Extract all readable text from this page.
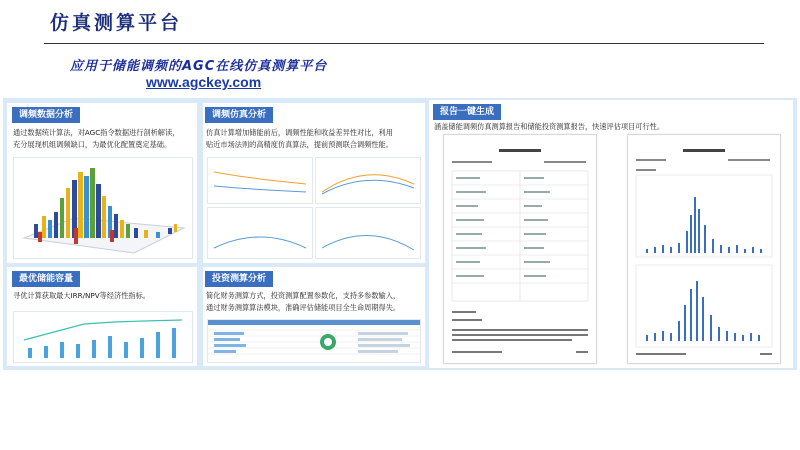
仿真测算平台
应用于储能调频的AGC在线仿真测算平台
www.agckey.com
调频数据分析
通过数据统计算法，对AGC指令数据进行剖析解读，
充分展现机组调频缺口，为最优化配置奠定基础。
调频仿真分析
仿真计算增加储能前后，调频性能和收益差异性对比，利用
贴近市场法则的高精度仿真算法，提前预测联合调频性能。
最优储能容量
寻优计算获取最大IRR/NPV等经济性指标。
投资测算分析
简化财务测算方式，投资测算配置参数化，支持多参数输入，
通过财务测算算法模块，准确评估储能项目全生命周期得失。
报告一键生成
涵盖储能调频仿真测算报告和储能投资测算报告，快速评估项目可行性。
